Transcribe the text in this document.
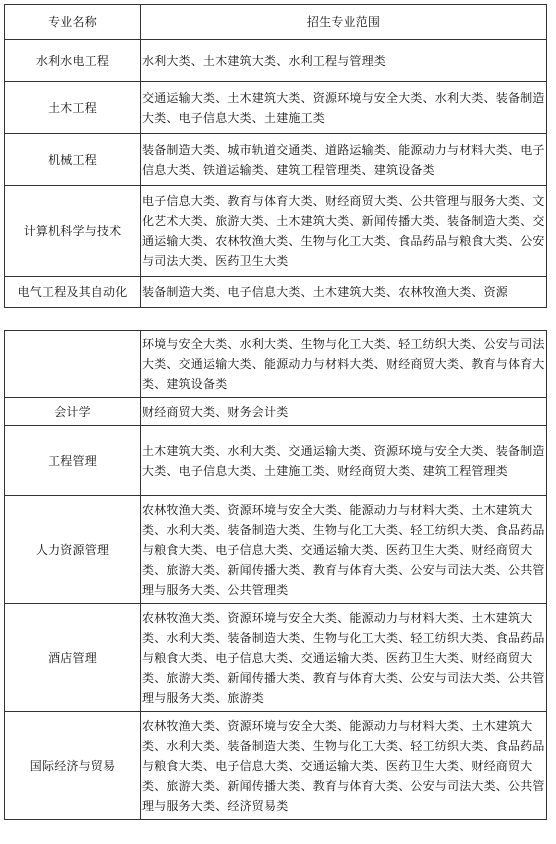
专业名称	招生专业范围
水利水电工程	水利大类、土木建筑大类、水利工程与管理类
土木工程	交通运输大类、土木建筑大类、资源环境与安全大类、水利大类、装备制造大类、电子信息大类、土建施工类
机械工程	装备制造大类、城市轨道交通类、道路运输类、能源动力与材料大类、电子信息大类、铁道运输类、建筑工程管理类、建筑设备类
计算机科学与技术	电子信息大类、教育与体育大类、财经商贸大类、公共管理与服务大类、文化艺术大类、旅游大类、土木建筑大类、新闻传播大类、装备制造大类、交通运输大类、农林牧渔大类、生物与化工大类、食品药品与粮食大类、公安与司法大类、医药卫生大类
电气工程及其自动化	装备制造大类、电子信息大类、土木建筑大类、农林牧渔大类、资源
	环境与安全大类、水利大类、生物与化工大类、轻工纺织大类、公安与司法大类、交通运输大类、能源动力与材料大类、财经商贸大类、教育与体育大类、建筑设备类
会计学	财经商贸大类、财务会计类
工程管理	土木建筑大类、水利大类、交通运输大类、资源环境与安全大类、装备制造大类、电子信息大类、土建施工类、财经商贸大类、建筑工程管理类
人力资源管理	农林牧渔大类、资源环境与安全大类、能源动力与材料大类、土木建筑大类、水利大类、装备制造大类、生物与化工大类、轻工纺织大类、食品药品与粮食大类、电子信息大类、交通运输大类、医药卫生大类、财经商贸大类、旅游大类、新闻传播大类、教育与体育大类、公安与司法大类、公共管理与服务大类、公共管理类
酒店管理	农林牧渔大类、资源环境与安全大类、能源动力与材料大类、土木建筑大类、水利大类、装备制造大类、生物与化工大类、轻工纺织大类、食品药品与粮食大类、电子信息大类、交通运输大类、医药卫生大类、财经商贸大类、旅游大类、新闻传播大类、教育与体育大类、公安与司法大类、公共管理与服务大类、旅游类
国际经济与贸易	农林牧渔大类、资源环境与安全大类、能源动力与材料大类、土木建筑大类、水利大类、装备制造大类、生物与化工大类、轻工纺织大类、食品药品与粮食大类、电子信息大类、交通运输大类、医药卫生大类、财经商贸大类、旅游大类、新闻传播大类、教育与体育大类、公安与司法大类、公共管理与服务大类、经济贸易类
